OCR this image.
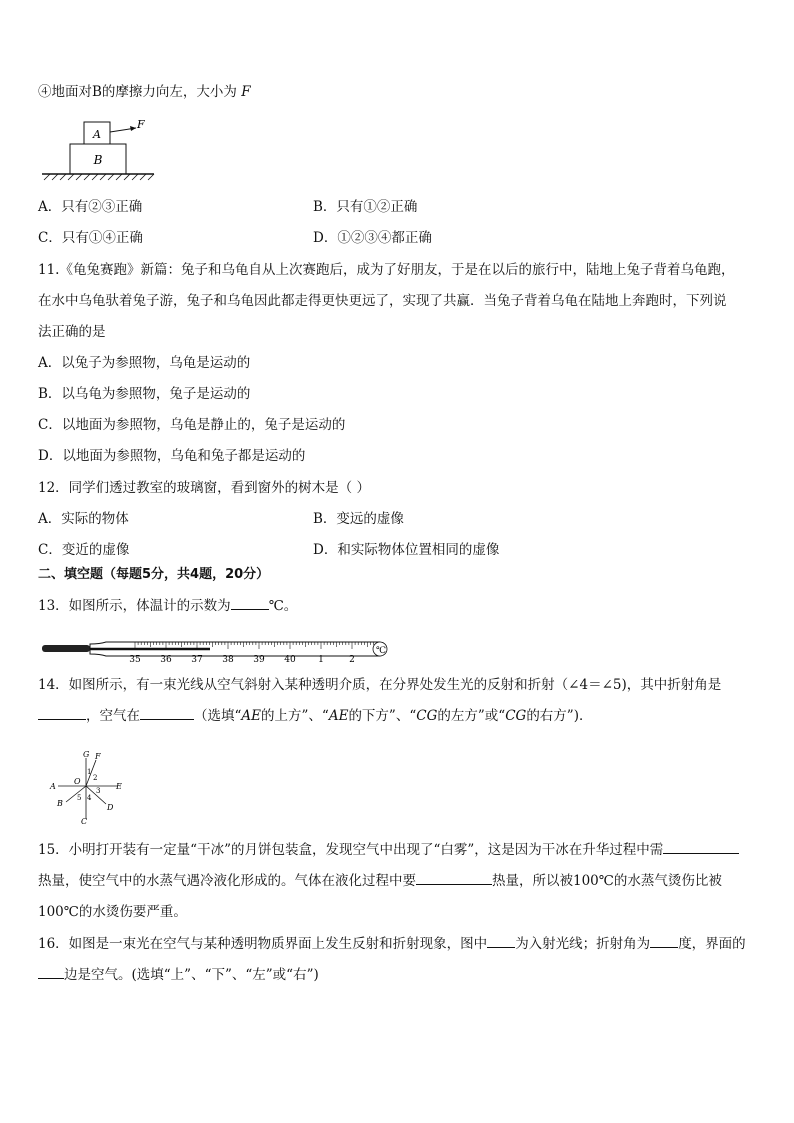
④地面对B的摩擦力向左，大小为 F
A
B
F
A．只有②③正确	B．只有①②正确
C．只有①④正确	D．①②③④都正确
11.《龟兔赛跑》新篇：兔子和乌龟自从上次赛跑后，成为了好朋友，于是在以后的旅行中，陆地上兔子背着乌龟跑，
在水中乌龟驮着兔子游，兔子和乌龟因此都走得更快更远了，实现了共赢．当兔子背着乌龟在陆地上奔跑时，下列说
法正确的是
A．以兔子为参照物，乌龟是运动的
B．以乌龟为参照物，兔子是运动的
C．以地面为参照物，乌龟是静止的，兔子是运动的
D．以地面为参照物，乌龟和兔子都是运动的
12．同学们透过教室的玻璃窗，看到窗外的树木是（ ）
A．实际的物体	B．变远的虚像
C．变近的虚像	D．和实际物体位置相同的虚像
二、填空题（每题5分，共4题，20分）
13．如图所示，体温计的示数为	℃。
35 36 37 38 39 40 1	2
℃
14．如图所示，有一束光线从空气斜射入某种透明介质，在分界处发生光的反射和折射（∠4＝∠5)，其中折射角是
，空气在	（选填“AE的上方”、“AE的下方”、“CG的左方”或“CG的右方”)．
G F
A
O
E
B	D
C
1
2
3
4
5
15．小明打开装有一定量“干冰”的月饼包装盒，发现空气中出现了“白雾”，这是因为干冰在升华过程中需
热量，使空气中的水蒸气遇冷液化形成的。气体在液化过程中要	热量，所以被100℃的水蒸气烫伤比被
100℃的水烫伤要严重。
16．如图是一束光在空气与某种透明物质界面上发生反射和折射现象，图中 为入射光线；折射角为 度，界面的
边是空气。(选填“上”、“下”、“左”或“右”)
